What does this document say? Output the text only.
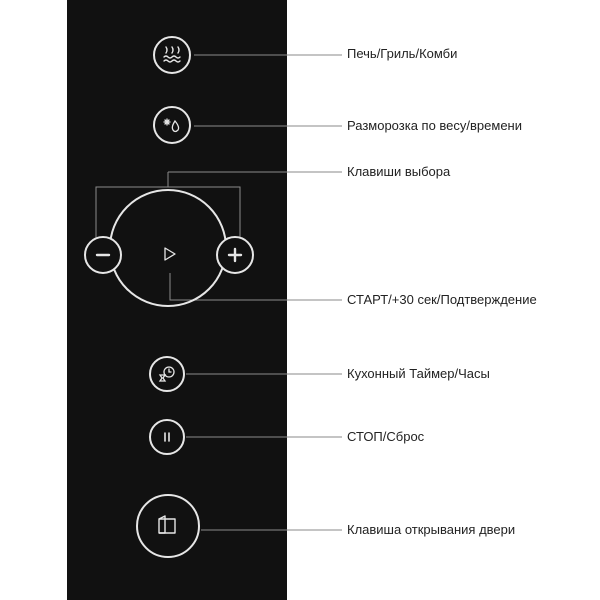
Печь/Гриль/Комби
Разморозка по весу/времени
Клавиши выбора
СТАРТ/+30 сек/Подтверждение
Кухонный Таймер/Часы
СТОП/Сброс
Клавиша открывания двери
